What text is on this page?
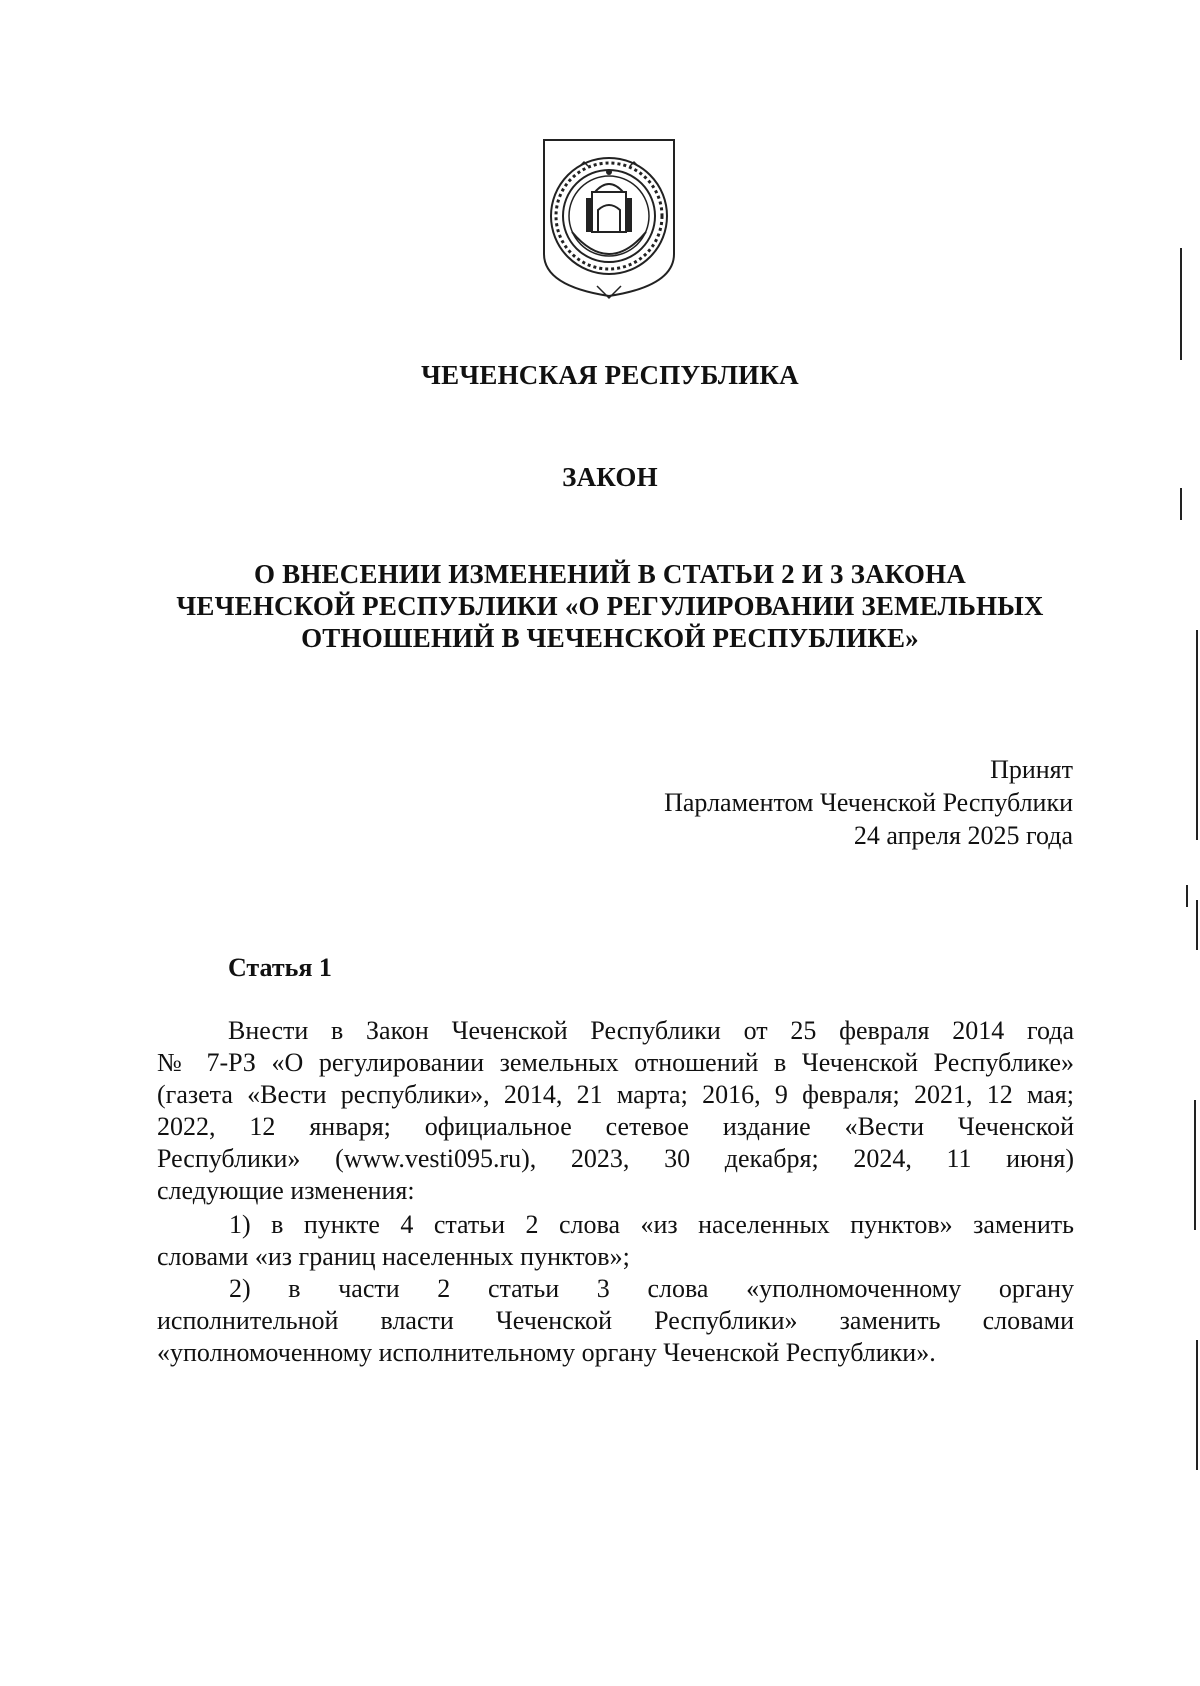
ЧЕЧЕНСКАЯ РЕСПУБЛИКА
ЗАКОН
О ВНЕСЕНИИ ИЗМЕНЕНИЙ В СТАТЬИ 2 И 3 ЗАКОНА
ЧЕЧЕНСКОЙ РЕСПУБЛИКИ «О РЕГУЛИРОВАНИИ ЗЕМЕЛЬНЫХ
ОТНОШЕНИЙ В ЧЕЧЕНСКОЙ РЕСПУБЛИКЕ»
Принят
Парламентом Чеченской Республики
24 апреля 2025 года
Статья 1
Внести в Закон Чеченской Республики от 25 февраля 2014 года
№ 7-РЗ «О регулировании земельных отношений в Чеченской Республике»
(газета «Вести республики», 2014, 21 марта; 2016, 9 февраля; 2021, 12 мая;
2022, 12 января; официальное сетевое издание «Вести Чеченской
Республики» (www.vesti095.ru), 2023, 30 декабря; 2024, 11 июня)
следующие изменения:
1) в пункте 4 статьи 2 слова «из населенных пунктов» заменить
словами «из границ населенных пунктов»;
2) в части 2 статьи 3 слова «уполномоченному органу
исполнительной власти Чеченской Республики» заменить словами
«уполномоченному исполнительному органу Чеченской Республики».
